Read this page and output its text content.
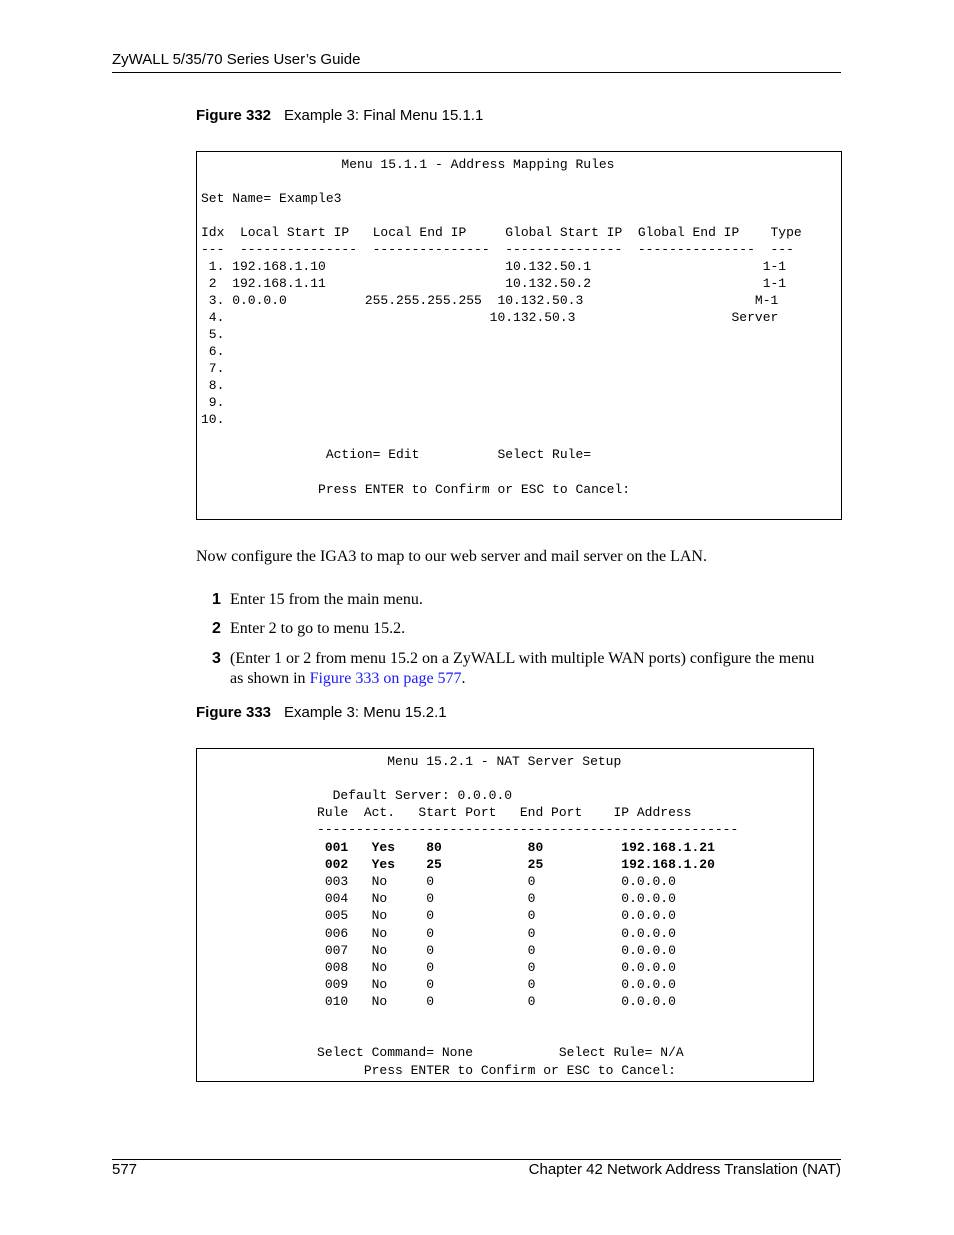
ZyWALL 5/35/70 Series User’s Guide
Figure 332 Example 3: Final Menu 15.1.1
Menu 15.1.1 - Address Mapping Rules
Set Name= Example3
Idx  Local Start IP   Local End IP     Global Start IP  Global End IP    Type
---  ---------------  ---------------  ---------------  ---------------  ---
1. 192.168.1.10                       10.132.50.1                      1-1
2  192.168.1.11                       10.132.50.2                      1-1
3. 0.0.0.0          255.255.255.255  10.132.50.3                      M-1
4.                                  10.132.50.3                    Server
5.
6.
7.
8.
9.
10.
Action= Edit          Select Rule=
Press ENTER to Confirm or ESC to Cancel:
Now configure the IGA3 to map to our web server and mail server on the LAN.
1 Enter 15 from the main menu.
2 Enter 2 to go to menu 15.2.
3 (Enter 1 or 2 from menu 15.2 on a ZyWALL with multiple WAN ports) configure the menu as shown in Figure 333 on page 577.
Figure 333 Example 3: Menu 15.2.1
Menu 15.2.1 - NAT Server Setup
Default Server: 0.0.0.0
Rule  Act.   Start Port   End Port    IP Address
------------------------------------------------------
001   Yes    80           80          192.168.1.21
002   Yes    25           25          192.168.1.20
003   No     0            0           0.0.0.0
004   No     0            0           0.0.0.0
005   No     0            0           0.0.0.0
006   No     0            0           0.0.0.0
007   No     0            0           0.0.0.0
008   No     0            0           0.0.0.0
009   No     0            0           0.0.0.0
010   No     0            0           0.0.0.0
Select Command= None           Select Rule= N/A
Press ENTER to Confirm or ESC to Cancel:
577	Chapter 42 Network Address Translation (NAT)
